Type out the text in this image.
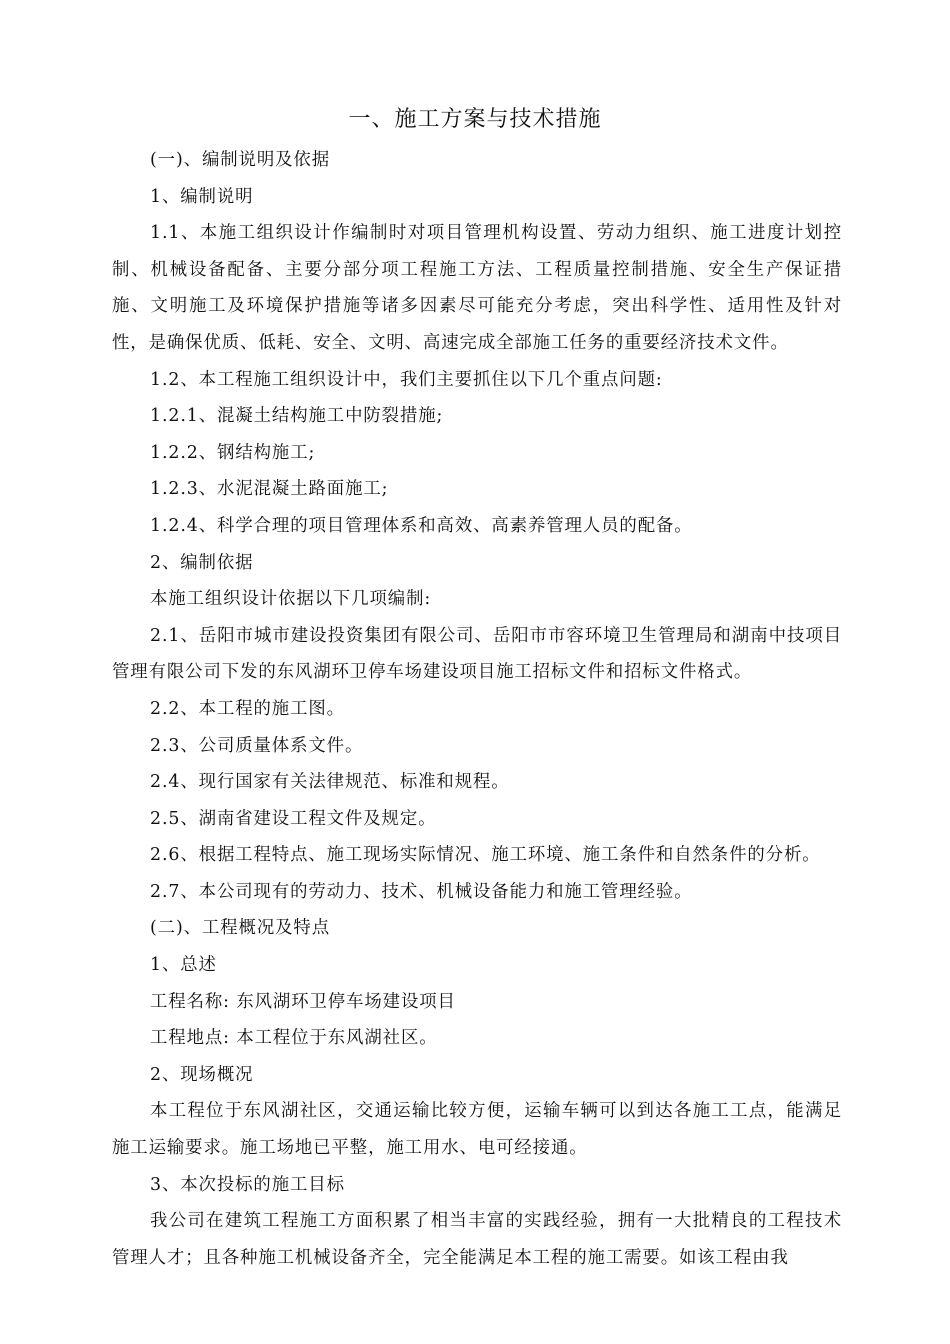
一、施工方案与技术措施

(一)、编制说明及依据

1、编制说明

1.1、本施工组织设计作编制时对项目管理机构设置、劳动力组织、施工进度计划控制、机械设备配备、主要分部分项工程施工方法、工程质量控制措施、安全生产保证措施、文明施工及环境保护措施等诸多因素尽可能充分考虑，突出科学性、适用性及针对性，是确保优质、低耗、安全、文明、高速完成全部施工任务的重要经济技术文件。

1.2、本工程施工组织设计中，我们主要抓住以下几个重点问题:

1.2.1、混凝土结构施工中防裂措施;

1.2.2、钢结构施工;

1.2.3、水泥混凝土路面施工;

1.2.4、科学合理的项目管理体系和高效、高素养管理人员的配备。

2、编制依据

本施工组织设计依据以下几项编制:

2.1、岳阳市城市建设投资集团有限公司、岳阳市市容环境卫生管理局和湖南中技项目管理有限公司下发的东风湖环卫停车场建设项目施工招标文件和招标文件格式。

2.2、本工程的施工图。

2.3、公司质量体系文件。

2.4、现行国家有关法律规范、标准和规程。

2.5、湖南省建设工程文件及规定。

2.6、根据工程特点、施工现场实际情况、施工环境、施工条件和自然条件的分析。

2.7、本公司现有的劳动力、技术、机械设备能力和施工管理经验。

(二)、工程概况及特点

1、总述

工程名称: 东风湖环卫停车场建设项目

工程地点: 本工程位于东风湖社区。

2、现场概况

本工程位于东风湖社区，交通运输比较方便，运输车辆可以到达各施工工点，能满足施工运输要求。施工场地已平整，施工用水、电可经接通。

3、本次投标的施工目标

我公司在建筑工程施工方面积累了相当丰富的实践经验，拥有一大批精良的工程技术管理人才；且各种施工机械设备齐全，完全能满足本工程的施工需要。如该工程由我
